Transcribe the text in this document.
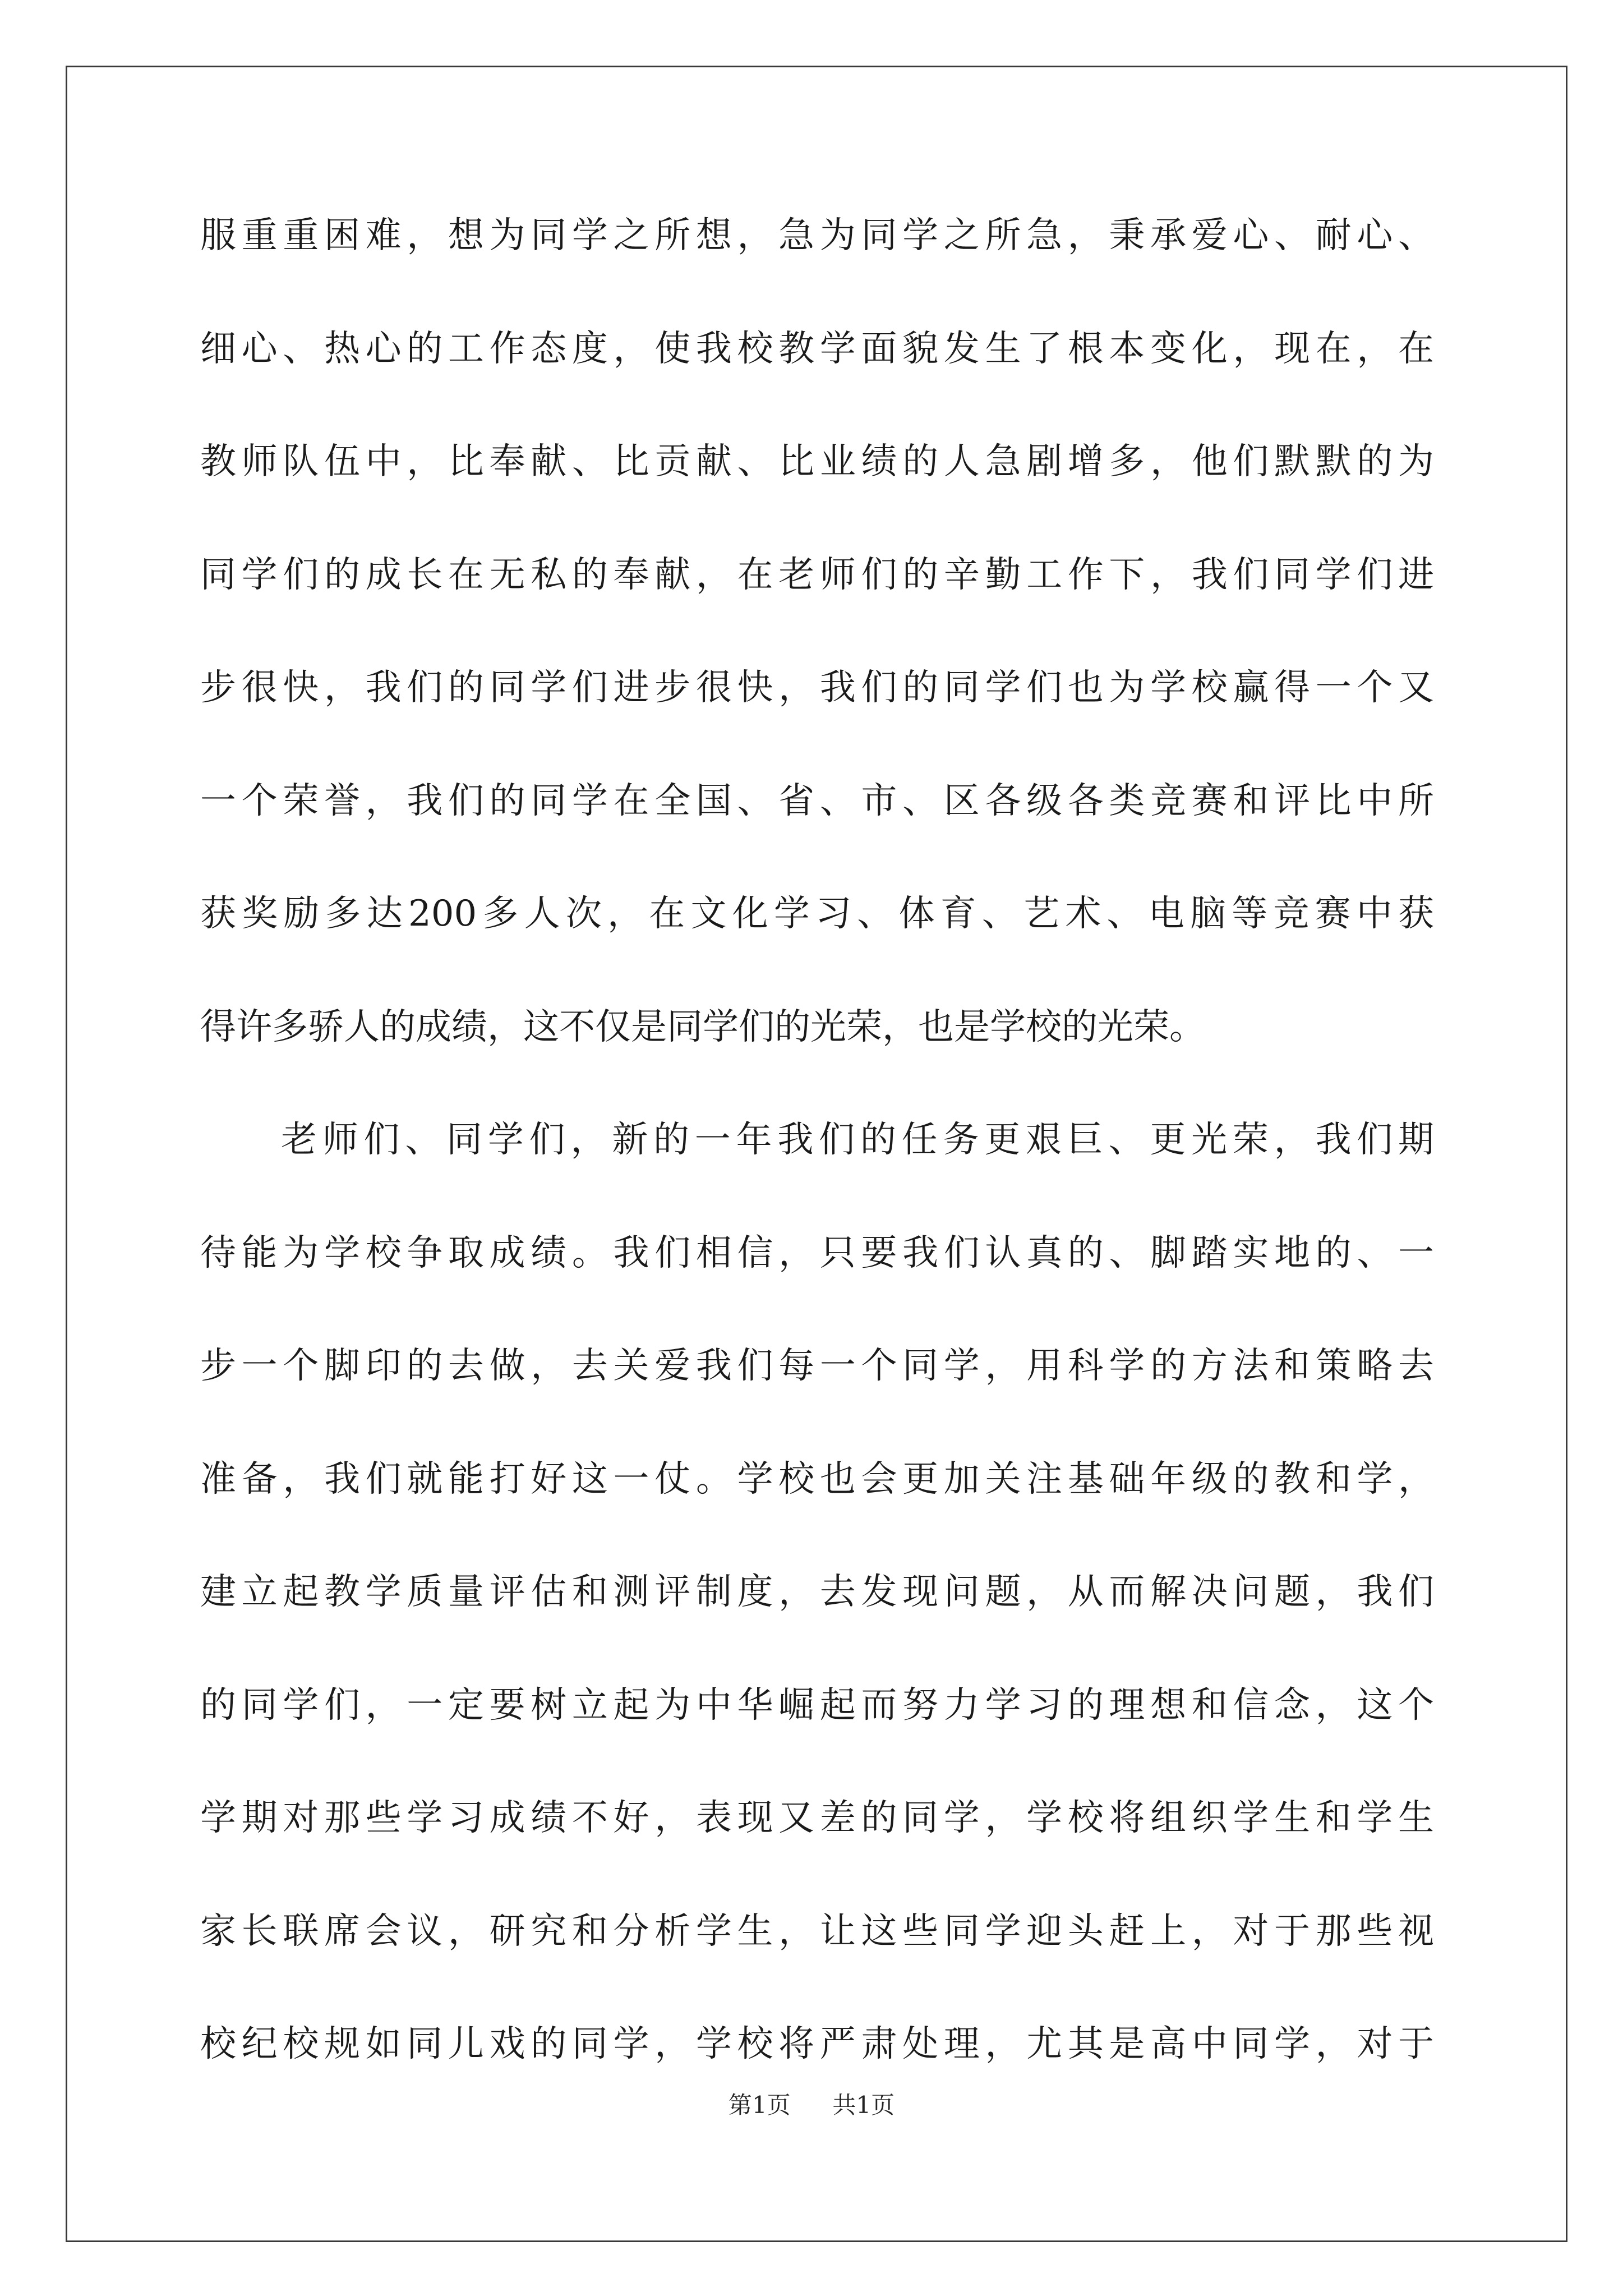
服重重困难，想为同学之所想，急为同学之所急，秉承爱心、耐心、
细心、热心的工作态度，使我校教学面貌发生了根本变化，现在，在
教师队伍中，比奉献、比贡献、比业绩的人急剧增多，他们默默的为
同学们的成长在无私的奉献，在老师们的辛勤工作下，我们同学们进
步很快，我们的同学们进步很快，我们的同学们也为学校赢得一个又
一个荣誉，我们的同学在全国、省、市、区各级各类竞赛和评比中所
获奖励多达200多人次，在文化学习、体育、艺术、电脑等竞赛中获
得许多骄人的成绩，这不仅是同学们的光荣，也是学校的光荣。
老师们、同学们，新的一年我们的任务更艰巨、更光荣，我们期
待能为学校争取成绩。我们相信，只要我们认真的、脚踏实地的、一
步一个脚印的去做，去关爱我们每一个同学，用科学的方法和策略去
准备，我们就能打好这一仗。学校也会更加关注基础年级的教和学，
建立起教学质量评估和测评制度，去发现问题，从而解决问题，我们
的同学们，一定要树立起为中华崛起而努力学习的理想和信念，这个
学期对那些学习成绩不好，表现又差的同学，学校将组织学生和学生
家长联席会议，研究和分析学生，让这些同学迎头赶上，对于那些视
校纪校规如同儿戏的同学，学校将严肃处理，尤其是高中同学，对于
第1页 共1页
